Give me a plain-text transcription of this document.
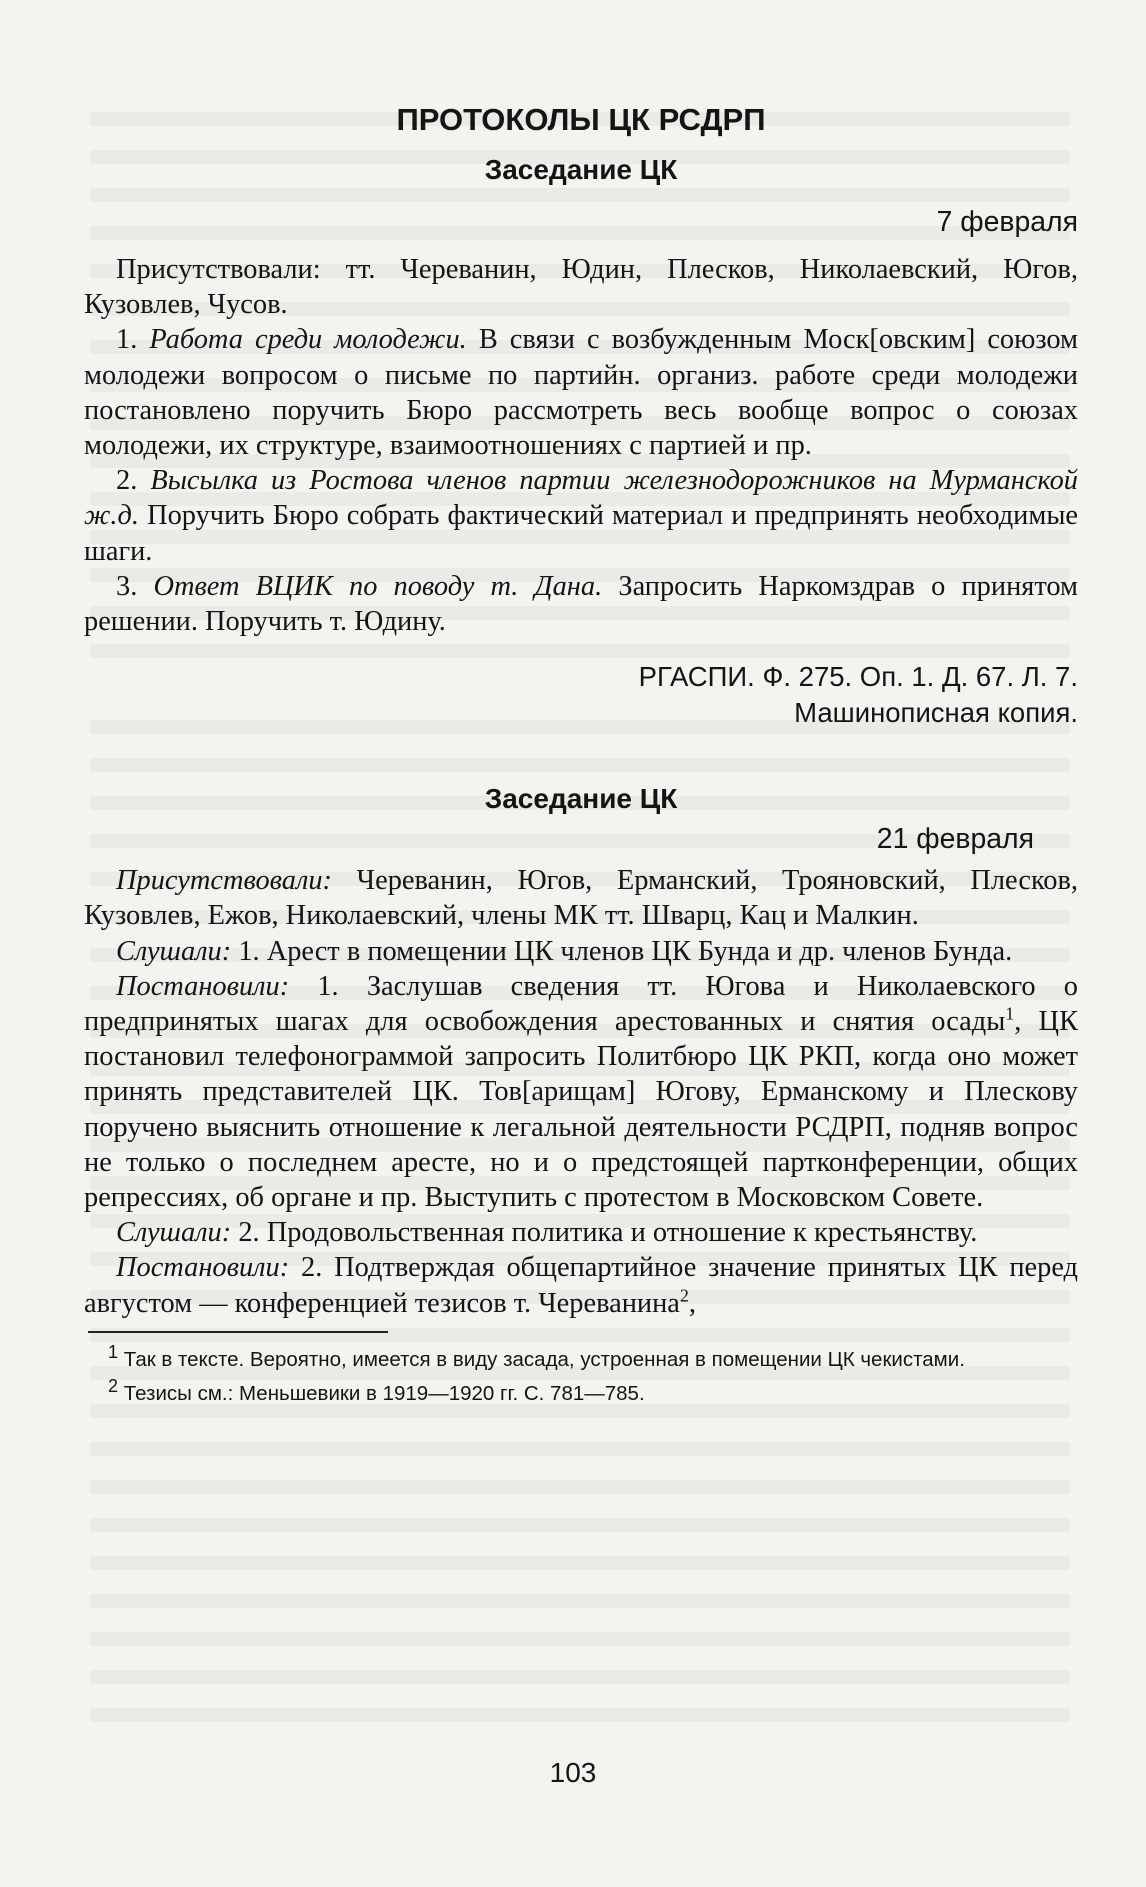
ПРОТОКОЛЫ ЦК РСДРП
Заседание ЦК
7 февраля

Присутствовали: тт. Череванин, Юдин, Плесков, Николаевский, Югов, Кузовлев, Чусов.

1. Работа среди молодежи. В связи с возбужденным Моск[овским] союзом молодежи вопросом о письме по партийн. организ. работе среди молодежи постановлено поручить Бюро рассмотреть весь вообще вопрос о союзах молодежи, их структуре, взаимоотношениях с партией и пр.

2. Высылка из Ростова членов партии железнодорожников на Мурманской ж.д. Поручить Бюро собрать фактический материал и предпринять необходимые шаги.

3. Ответ ВЦИК по поводу т. Дана. Запросить Наркомздрав о принятом решении. Поручить т. Юдину.

РГАСПИ. Ф. 275. Оп. 1. Д. 67. Л. 7.
Машинописная копия.
Заседание ЦК
21 февраля

Присутствовали: Череванин, Югов, Ерманский, Трояновский, Плесков, Кузовлев, Ежов, Николаевский, члены МК тт. Шварц, Кац и Малкин.

Слушали: 1. Арест в помещении ЦК членов ЦК Бунда и др. членов Бунда.

Постановили: 1. Заслушав сведения тт. Югова и Николаевского о предпринятых шагах для освобождения арестованных и снятия осады$^1$, ЦК постановил телефонограммой запросить Политбюро ЦК РКП, когда оно может принять представителей ЦК. Тов[арищам] Югову, Ерманскому и Плескову поручено выяснить отношение к легальной деятельности РСДРП, подняв вопрос не только о последнем аресте, но и о предстоящей партконференции, общих репрессиях, об органе и пр. Выступить с протестом в Московском Совете.

Слушали: 2. Продовольственная политика и отношение к крестьянству.

Постановили: 2. Подтверждая общепартийное значение принятых ЦК перед августом — конференцией тезисов т. Череванина$^2$,

$^1$ Так в тексте. Вероятно, имеется в виду засада, устроенная в помещении ЦК чекистами.
$^2$ Тезисы см.: Меньшевики в 1919—1920 гг. С. 781—785.
103
